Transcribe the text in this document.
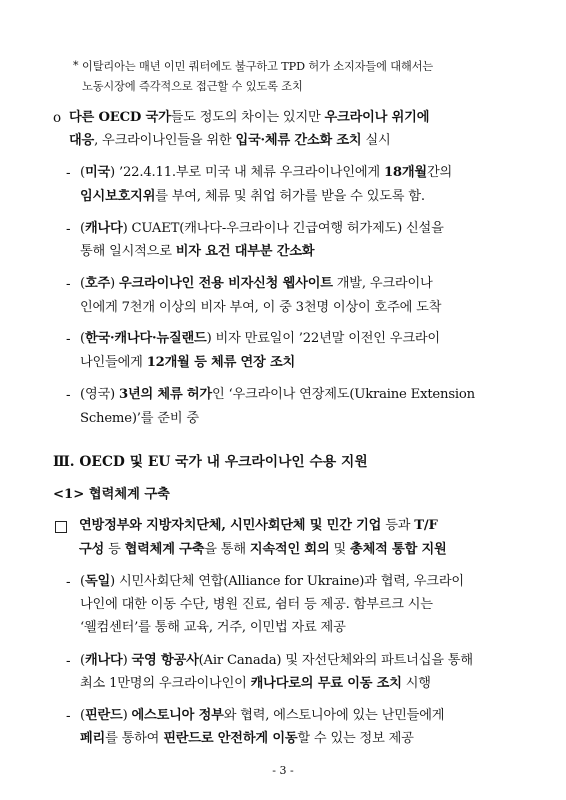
* 이탈리아는 매년 이민 쿼터에도 불구하고 TPD 허가 소지자들에 대해서는
노동시장에 즉각적으로 접근할 수 있도록 조치
o 다른 OECD 국가들도 정도의 차이는 있지만 우크라이나 위기에
대응, 우크라이나인들을 위한 입국·체류 간소화 조치 실시
- (미국) ’22.4.11.부로 미국 내 체류 우크라이나인에게 18개월간의
임시보호지위를 부여, 체류 및 취업 허가를 받을 수 있도록 함.
- (캐나다) CUAET(캐나다-우크라이나 긴급여행 허가제도) 신설을
통해 일시적으로 비자 요건 대부분 간소화
- (호주) 우크라이나인 전용 비자신청 웹사이트 개발, 우크라이나
인에게 7천개 이상의 비자 부여, 이 중 3천명 이상이 호주에 도착
- (한국·캐나다·뉴질랜드) 비자 만료일이 ’22년말 이전인 우크라이
나인들에게 12개월 등 체류 연장 조치
- (영국) 3년의 체류 허가인 ‘우크라이나 연장제도(Ukraine Extension
Scheme)’를 준비 중
Ⅲ. OECD 및 EU 국가 내 우크라이나인 수용 지원
<1> 협력체계 구축
연방정부와 지방자치단체, 시민사회단체 및 민간 기업 등과 T/F
구성 등 협력체계 구축을 통해 지속적인 회의 및 총체적 통합 지원
- (독일) 시민사회단체 연합(Alliance for Ukraine)과 협력, 우크라이
나인에 대한 이동 수단, 병원 진료, 쉼터 등 제공. 함부르크 시는
‘웰컴센터’를 통해 교육, 거주, 이민법 자료 제공
- (캐나다) 국영 항공사(Air Canada) 및 자선단체와의 파트너십을 통해
최소 1만명의 우크라이나인이 캐나다로의 무료 이동 조치 시행
- (핀란드) 에스토니아 정부와 협력, 에스토니아에 있는 난민들에게
페리를 통하여 핀란드로 안전하게 이동할 수 있는 정보 제공
- 3 -
